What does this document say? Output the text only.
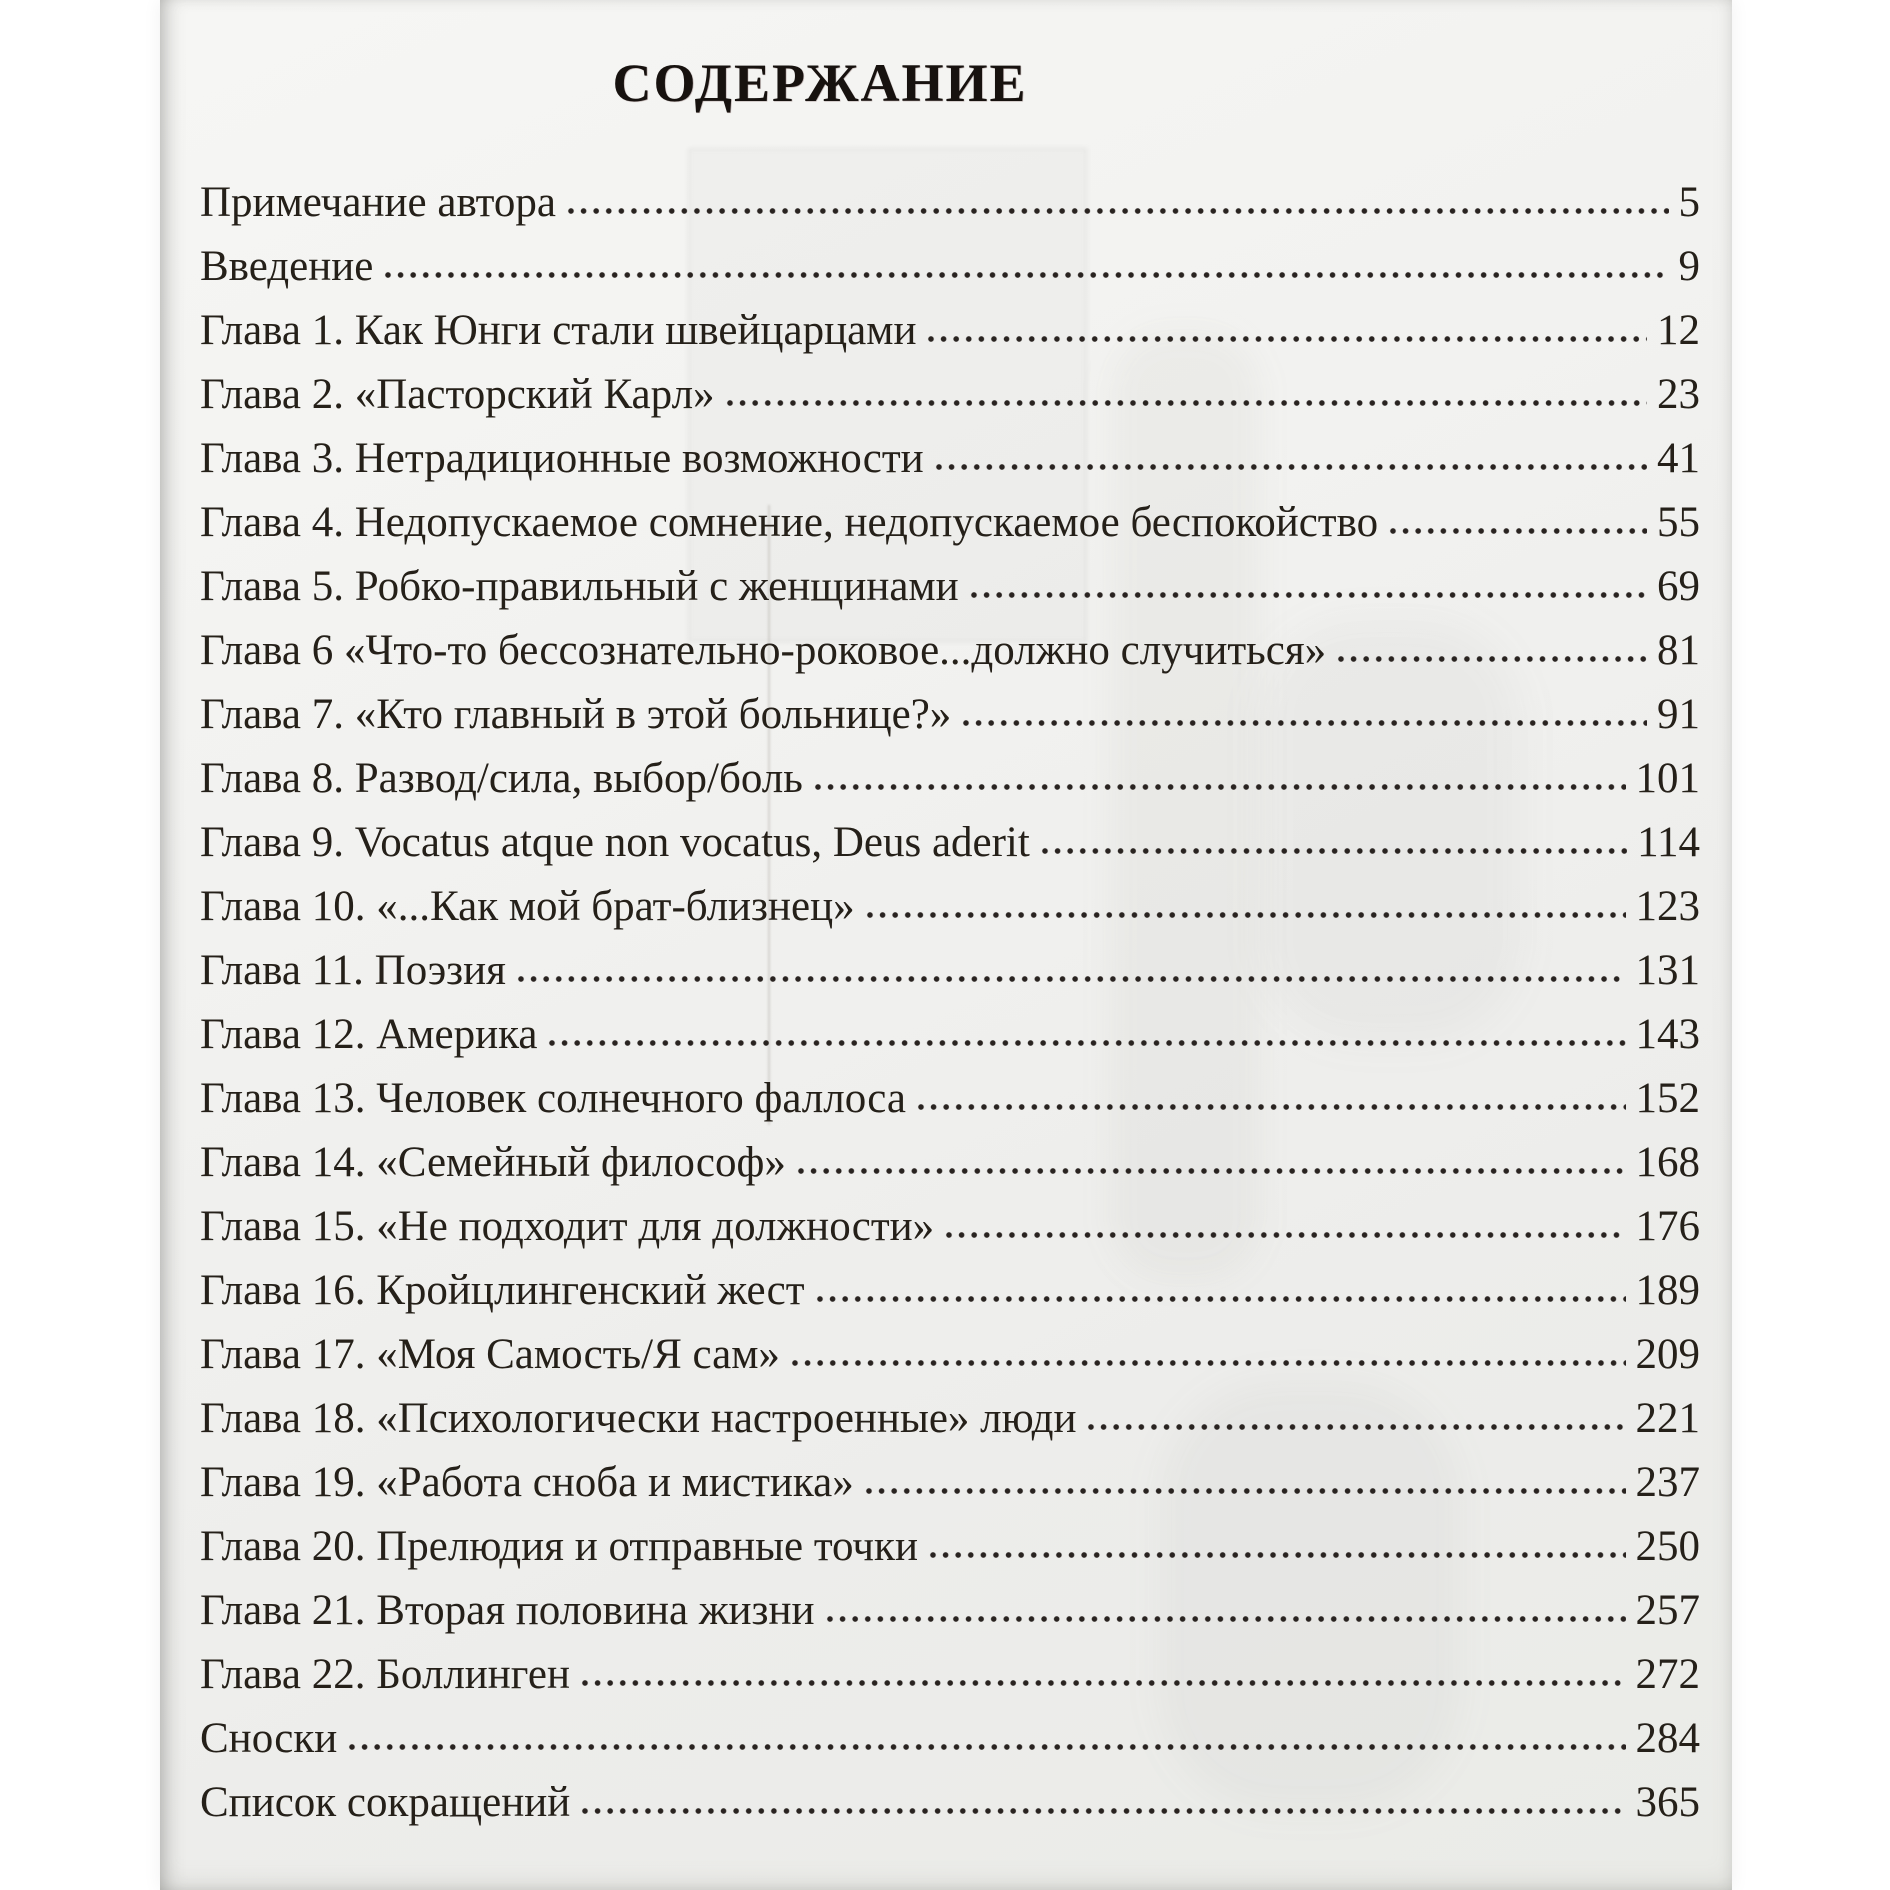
СОДЕРЖАНИЕ
Примечание автора	5
Введение	9
Глава 1. Как Юнги стали швейцарцами	12
Глава 2. «Пасторский Карл»	23
Глава 3. Нетрадиционные возможности	41
Глава 4. Недопускаемое сомнение, недопускаемое беспокойство	55
Глава 5. Робко-правильный с женщинами	69
Глава 6 «Что-то бессознательно-роковое...должно случиться»	81
Глава 7. «Кто главный в этой больнице?»	91
Глава 8. Развод/сила, выбор/боль	101
Глава 9. Vocatus atque non vocatus, Deus aderit	114
Глава 10. «...Как мой брат-близнец»	123
Глава 11. Поэзия	131
Глава 12. Америка	143
Глава 13. Человек солнечного фаллоса	152
Глава 14. «Семейный философ»	168
Глава 15. «Не подходит для должности»	176
Глава 16. Кройцлингенский жест	189
Глава 17. «Моя Самость/Я сам»	209
Глава 18. «Психологически настроенные» люди	221
Глава 19. «Работа сноба и мистика»	237
Глава 20. Прелюдия и отправные точки	250
Глава 21. Вторая половина жизни	257
Глава 22. Боллинген	272
Сноски	284
Список сокращений	365
